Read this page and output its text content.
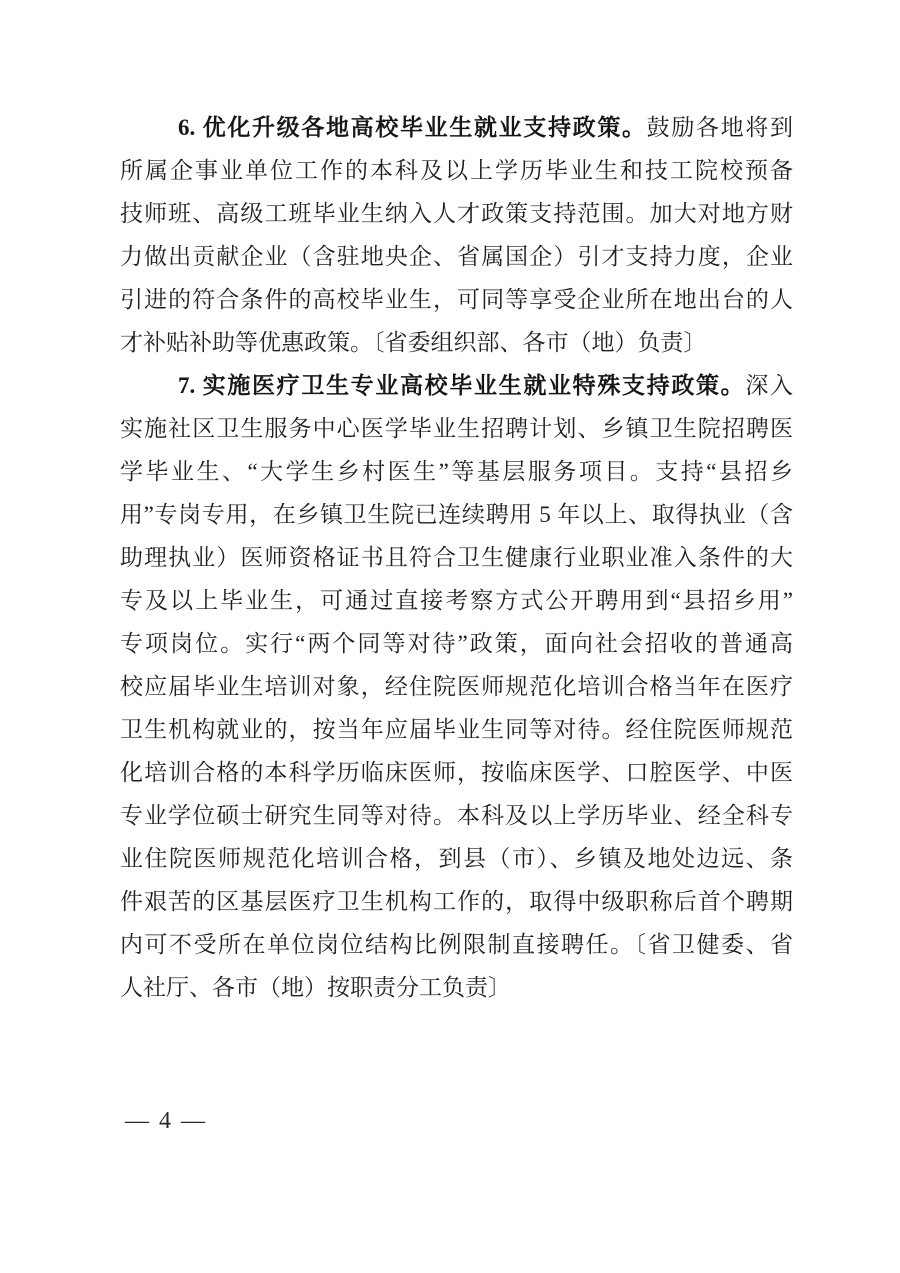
6. 优化升级各地高校毕业生就业支持政策。鼓励各地将到
所属企事业单位工作的本科及以上学历毕业生和技工院校预备
技师班、高级工班毕业生纳入人才政策支持范围。加大对地方财
力做出贡献企业（含驻地央企、省属国企）引才支持力度，企业
引进的符合条件的高校毕业生，可同等享受企业所在地出台的人
才补贴补助等优惠政策。〔省委组织部、各市（地）负责〕
7. 实施医疗卫生专业高校毕业生就业特殊支持政策。深入
实施社区卫生服务中心医学毕业生招聘计划、乡镇卫生院招聘医
学毕业生、“大学生乡村医生”等基层服务项目。支持“县招乡
用”专岗专用，在乡镇卫生院已连续聘用 5 年以上、取得执业（含
助理执业）医师资格证书且符合卫生健康行业职业准入条件的大
专及以上毕业生，可通过直接考察方式公开聘用到“县招乡用”
专项岗位。实行“两个同等对待”政策，面向社会招收的普通高
校应届毕业生培训对象，经住院医师规范化培训合格当年在医疗
卫生机构就业的，按当年应届毕业生同等对待。经住院医师规范
化培训合格的本科学历临床医师，按临床医学、口腔医学、中医
专业学位硕士研究生同等对待。本科及以上学历毕业、经全科专
业住院医师规范化培训合格，到县（市）、乡镇及地处边远、条
件艰苦的区基层医疗卫生机构工作的，取得中级职称后首个聘期
内可不受所在单位岗位结构比例限制直接聘任。〔省卫健委、省
人社厅、各市（地）按职责分工负责〕
— 4 —
